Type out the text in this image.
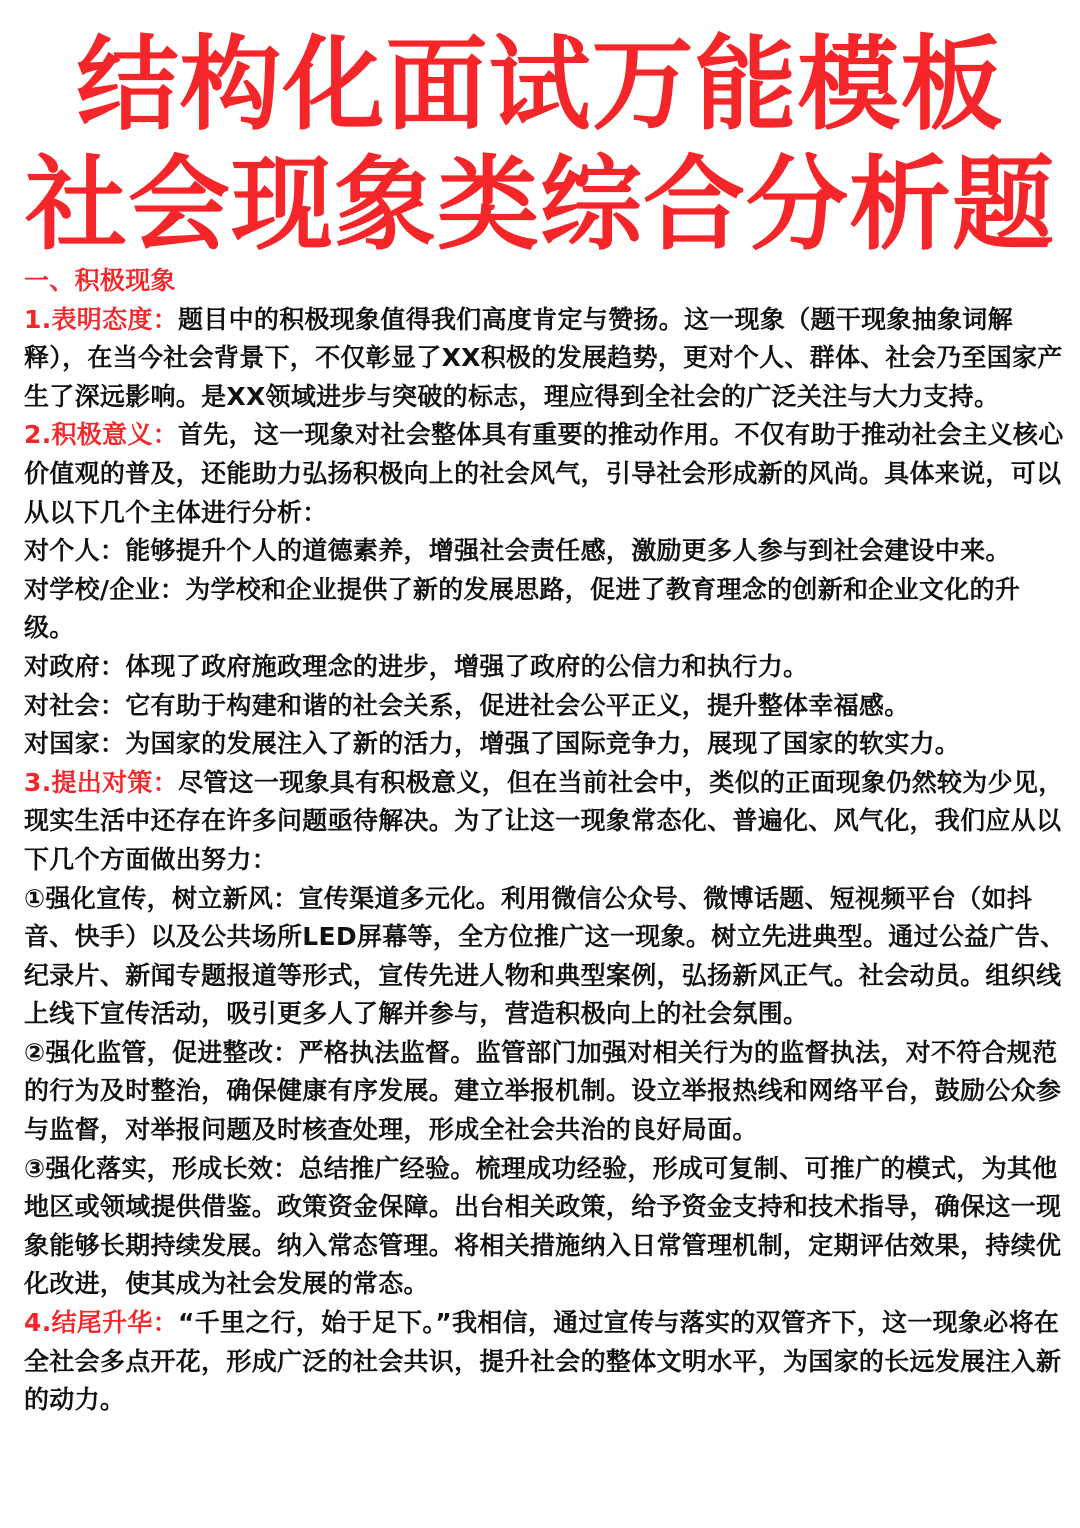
结构化面试万能模板
社会现象类综合分析题

一、积极现象

1.表明态度：题目中的积极现象值得我们高度肯定与赞扬。这一现象（题干现象抽象词解释），在当今社会背景下，不仅彰显了XX积极的发展趋势，更对个人、群体、社会乃至国家产生了深远影响。是XX领域进步与突破的标志，理应得到全社会的广泛关注与大力支持。

2.积极意义：首先，这一现象对社会整体具有重要的推动作用。不仅有助于推动社会主义核心价值观的普及，还能助力弘扬积极向上的社会风气，引导社会形成新的风尚。具体来说，可以从以下几个主体进行分析：

对个人：能够提升个人的道德素养，增强社会责任感，激励更多人参与到社会建设中来。

对学校/企业：为学校和企业提供了新的发展思路，促进了教育理念的创新和企业文化的升级。

对政府：体现了政府施政理念的进步，增强了政府的公信力和执行力。

对社会：它有助于构建和谐的社会关系，促进社会公平正义，提升整体幸福感。

对国家：为国家的发展注入了新的活力，增强了国际竞争力，展现了国家的软实力。

3.提出对策：尽管这一现象具有积极意义，但在当前社会中，类似的正面现象仍然较为少见，现实生活中还存在许多问题亟待解决。为了让这一现象常态化、普遍化、风气化，我们应从以下几个方面做出努力：

①强化宣传，树立新风：宣传渠道多元化。利用微信公众号、微博话题、短视频平台（如抖音、快手）以及公共场所LED屏幕等，全方位推广这一现象。树立先进典型。通过公益广告、纪录片、新闻专题报道等形式，宣传先进人物和典型案例，弘扬新风正气。社会动员。组织线上线下宣传活动，吸引更多人了解并参与，营造积极向上的社会氛围。

②强化监管，促进整改：严格执法监督。监管部门加强对相关行为的监督执法，对不符合规范的行为及时整治，确保健康有序发展。建立举报机制。设立举报热线和网络平台，鼓励公众参与监督，对举报问题及时核查处理，形成全社会共治的良好局面。

③强化落实，形成长效：总结推广经验。梳理成功经验，形成可复制、可推广的模式，为其他地区或领域提供借鉴。政策资金保障。出台相关政策，给予资金支持和技术指导，确保这一现象能够长期持续发展。纳入常态管理。将相关措施纳入日常管理机制，定期评估效果，持续优化改进，使其成为社会发展的常态。

4.结尾升华：“千里之行，始于足下。”我相信，通过宣传与落实的双管齐下，这一现象必将在全社会多点开花，形成广泛的社会共识，提升社会的整体文明水平，为国家的长远发展注入新的动力。
